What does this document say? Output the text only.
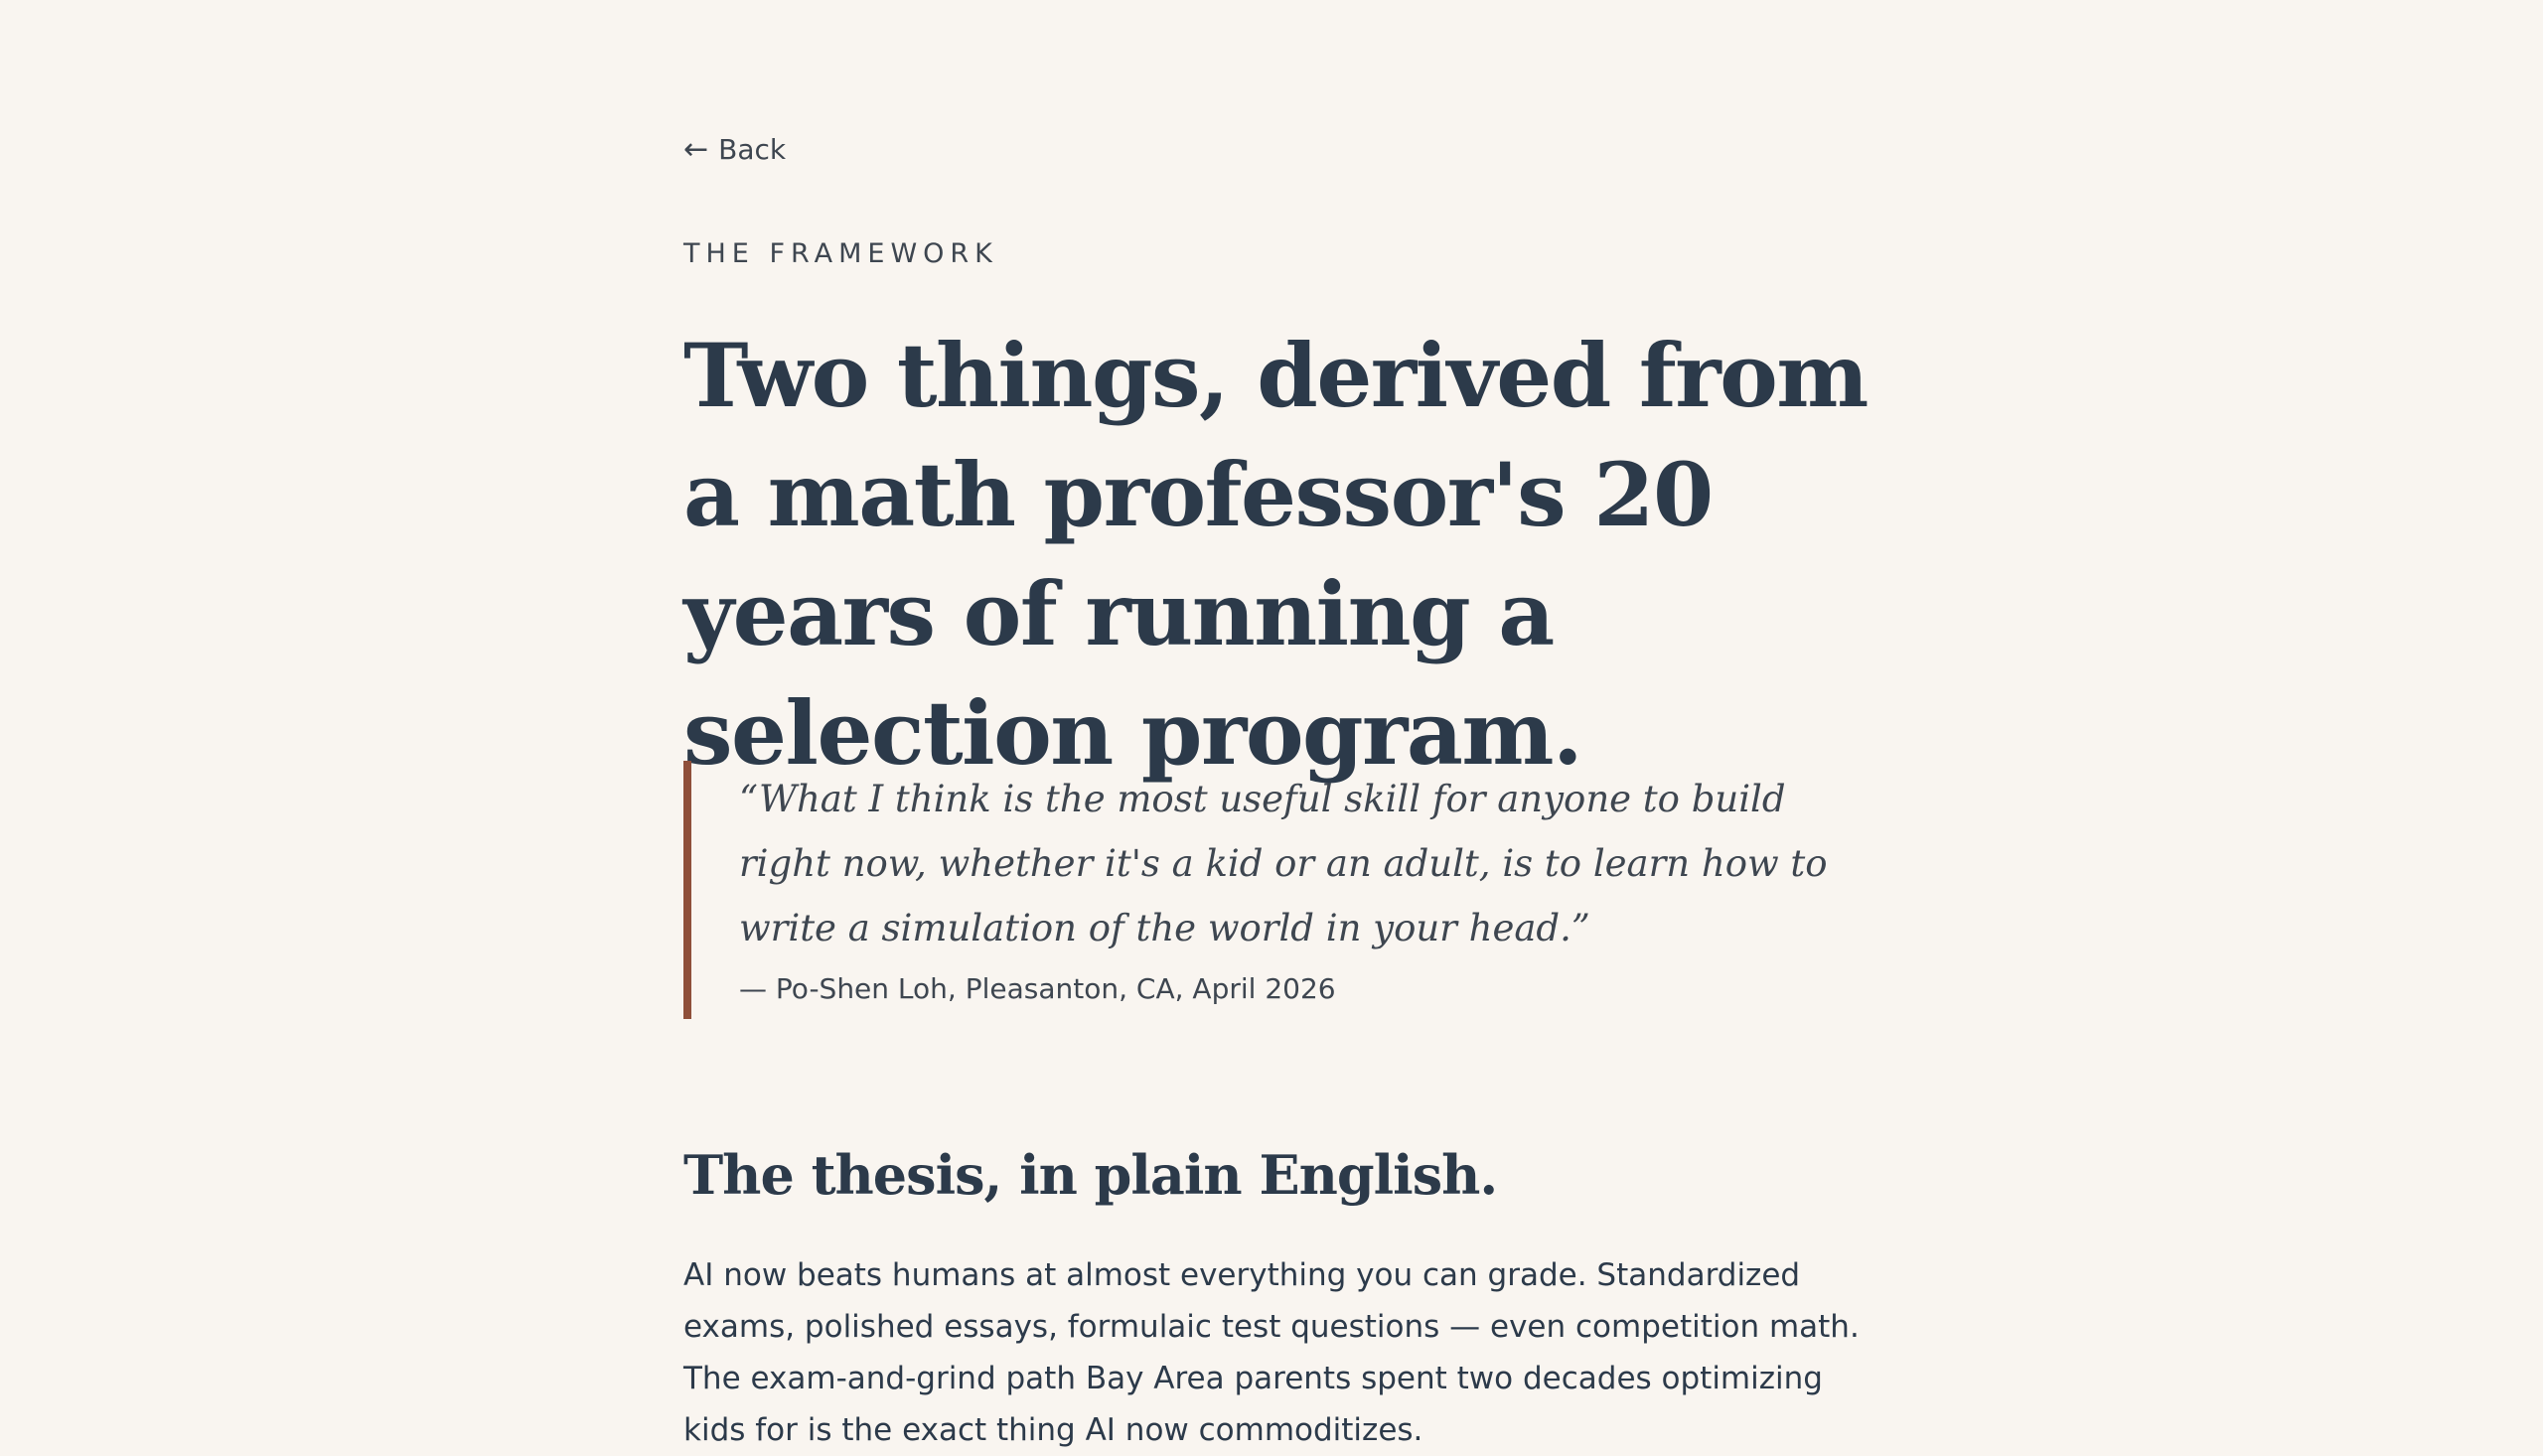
← Back
THE FRAMEWORK
Two things, derived from a math professor's 20 years of running a selection program.

“What I think is the most useful skill for anyone to build right now, whether it's a kid or an adult, is to learn how to write a simulation of the world in your head.”

— Po-Shen Loh, Pleasanton, CA, April 2026
The thesis, in plain English.

AI now beats humans at almost everything you can grade. Standardized exams, polished essays, formulaic test questions — even competition math. The exam-and-grind path Bay Area parents spent two decades optimizing kids for is the exact thing AI now commoditizes.
